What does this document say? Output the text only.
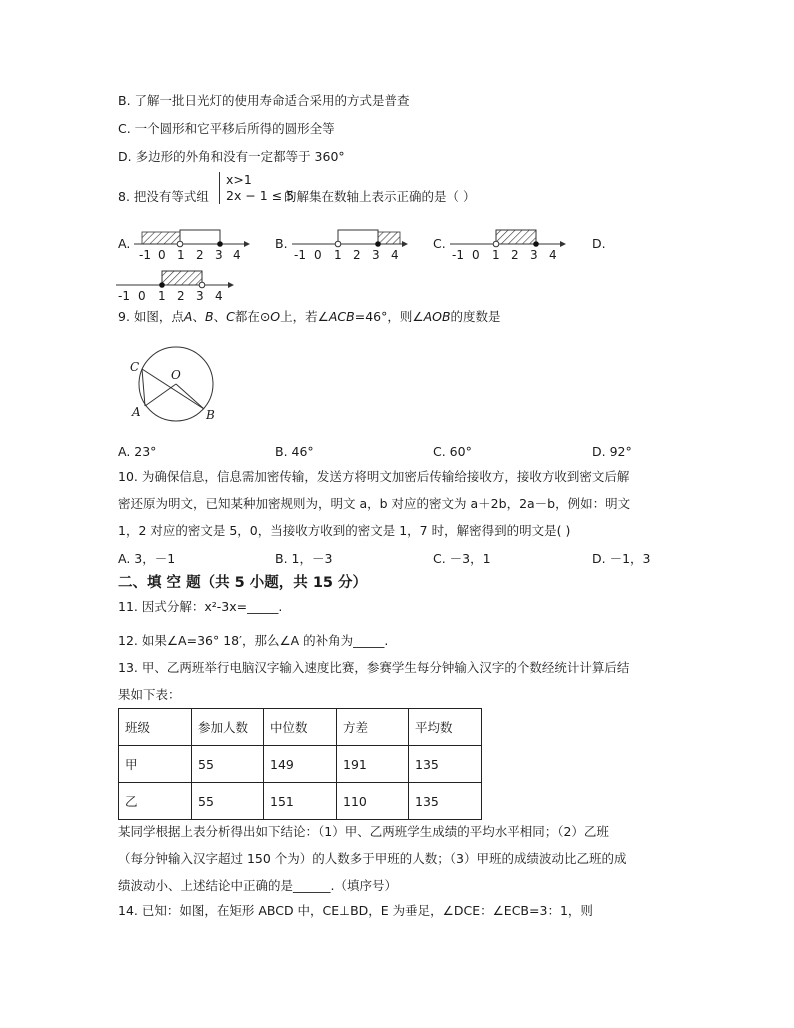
B. 了解一批日光灯的使用寿命适合采用的方式是普查
C. 一个圆形和它平移后所得的圆形全等
D. 多边形的外角和没有一定都等于 360°
8. 把没有等式组
x>1
2x − 1 ≤ 5
的解集在数轴上表示正确的是（ ）
A.
-1 0 1 2 3 4
B.
-1 0 1 2 3 4
C.
-1 0 1 2 3 4
D.
-1 0 1 2 3 4
9. 如图，点A、B、C都在⊙O上，若∠ACB=46°，则∠AOB的度数是
C
O
A	B
A. 23°	B. 46°	C. 60°	D. 92°
10. 为确保信息，信息需加密传输，发送方将明文加密后传输给接收方，接收方收到密文后解
密还原为明文，已知某种加密规则为，明文 a，b 对应的密文为 a＋2b，2a－b，例如：明文
1，2 对应的密文是 5，0，当接收方收到的密文是 1，7 时，解密得到的明文是( )
A. 3，－1	B. 1，－3	C. －3，1	D. －1，3
二、填 空 题（共 5 小题，共 15 分）
11. 因式分解：x²-3x=_____.
12. 如果∠A=36° 18′，那么∠A 的补角为_____.
13. 甲、乙两班举行电脑汉字输入速度比赛，参赛学生每分钟输入汉字的个数经统计计算后结
果如下表：
班级	参加人数	中位数	方差	平均数
甲	55	149	191	135
乙	55	151	110	135
某同学根据上表分析得出如下结论：（1）甲、乙两班学生成绩的平均水平相同；（2）乙班
（每分钟输入汉字超过 150 个为）的人数多于甲班的人数；（3）甲班的成绩波动比乙班的成
绩波动小、上述结论中正确的是______.（填序号）
14. 已知：如图，在矩形 ABCD 中，CE⊥BD，E 为垂足，∠DCE：∠ECB=3：1，则
